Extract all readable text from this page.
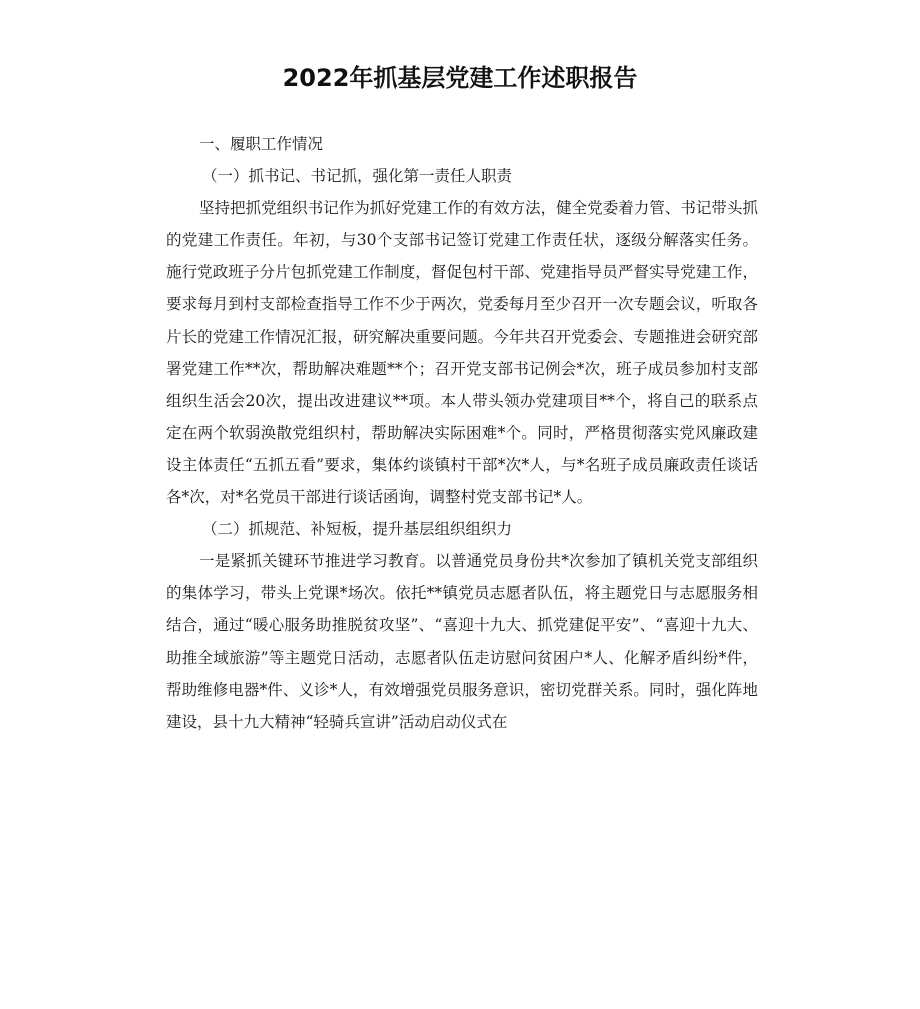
2022年抓基层党建工作述职报告

一、履职工作情况

（一）抓书记、书记抓，强化第一责任人职责

坚持把抓党组织书记作为抓好党建工作的有效方法，健全党委着力管、书记带头抓的党建工作责任。年初，与30个支部书记签订党建工作责任状，逐级分解落实任务。施行党政班子分片包抓党建工作制度，督促包村干部、党建指导员严督实导党建工作，要求每月到村支部检查指导工作不少于两次，党委每月至少召开一次专题会议，听取各片长的党建工作情况汇报，研究解决重要问题。今年共召开党委会、专题推进会研究部署党建工作**次，帮助解决难题**个；召开党支部书记例会*次，班子成员参加村支部组织生活会20次，提出改进建议**项。本人带头领办党建项目**个，将自己的联系点定在两个软弱涣散党组织村，帮助解决实际困难*个。同时，严格贯彻落实党风廉政建设主体责任“五抓五看”要求，集体约谈镇村干部*次*人，与*名班子成员廉政责任谈话各*次，对*名党员干部进行谈话函询，调整村党支部书记*人。

（二）抓规范、补短板，提升基层组织组织力

一是紧抓关键环节推进学习教育。以普通党员身份共*次参加了镇机关党支部组织的集体学习，带头上党课*场次。依托**镇党员志愿者队伍，将主题党日与志愿服务相结合，通过“暖心服务助推脱贫攻坚”、“喜迎十九大、抓党建促平安”、“喜迎十九大、助推全域旅游”等主题党日活动，志愿者队伍走访慰问贫困户*人、化解矛盾纠纷*件，帮助维修电器*件、义诊*人，有效增强党员服务意识，密切党群关系。同时，强化阵地建设，县十九大精神“轻骑兵宣讲”活动启动仪式在
